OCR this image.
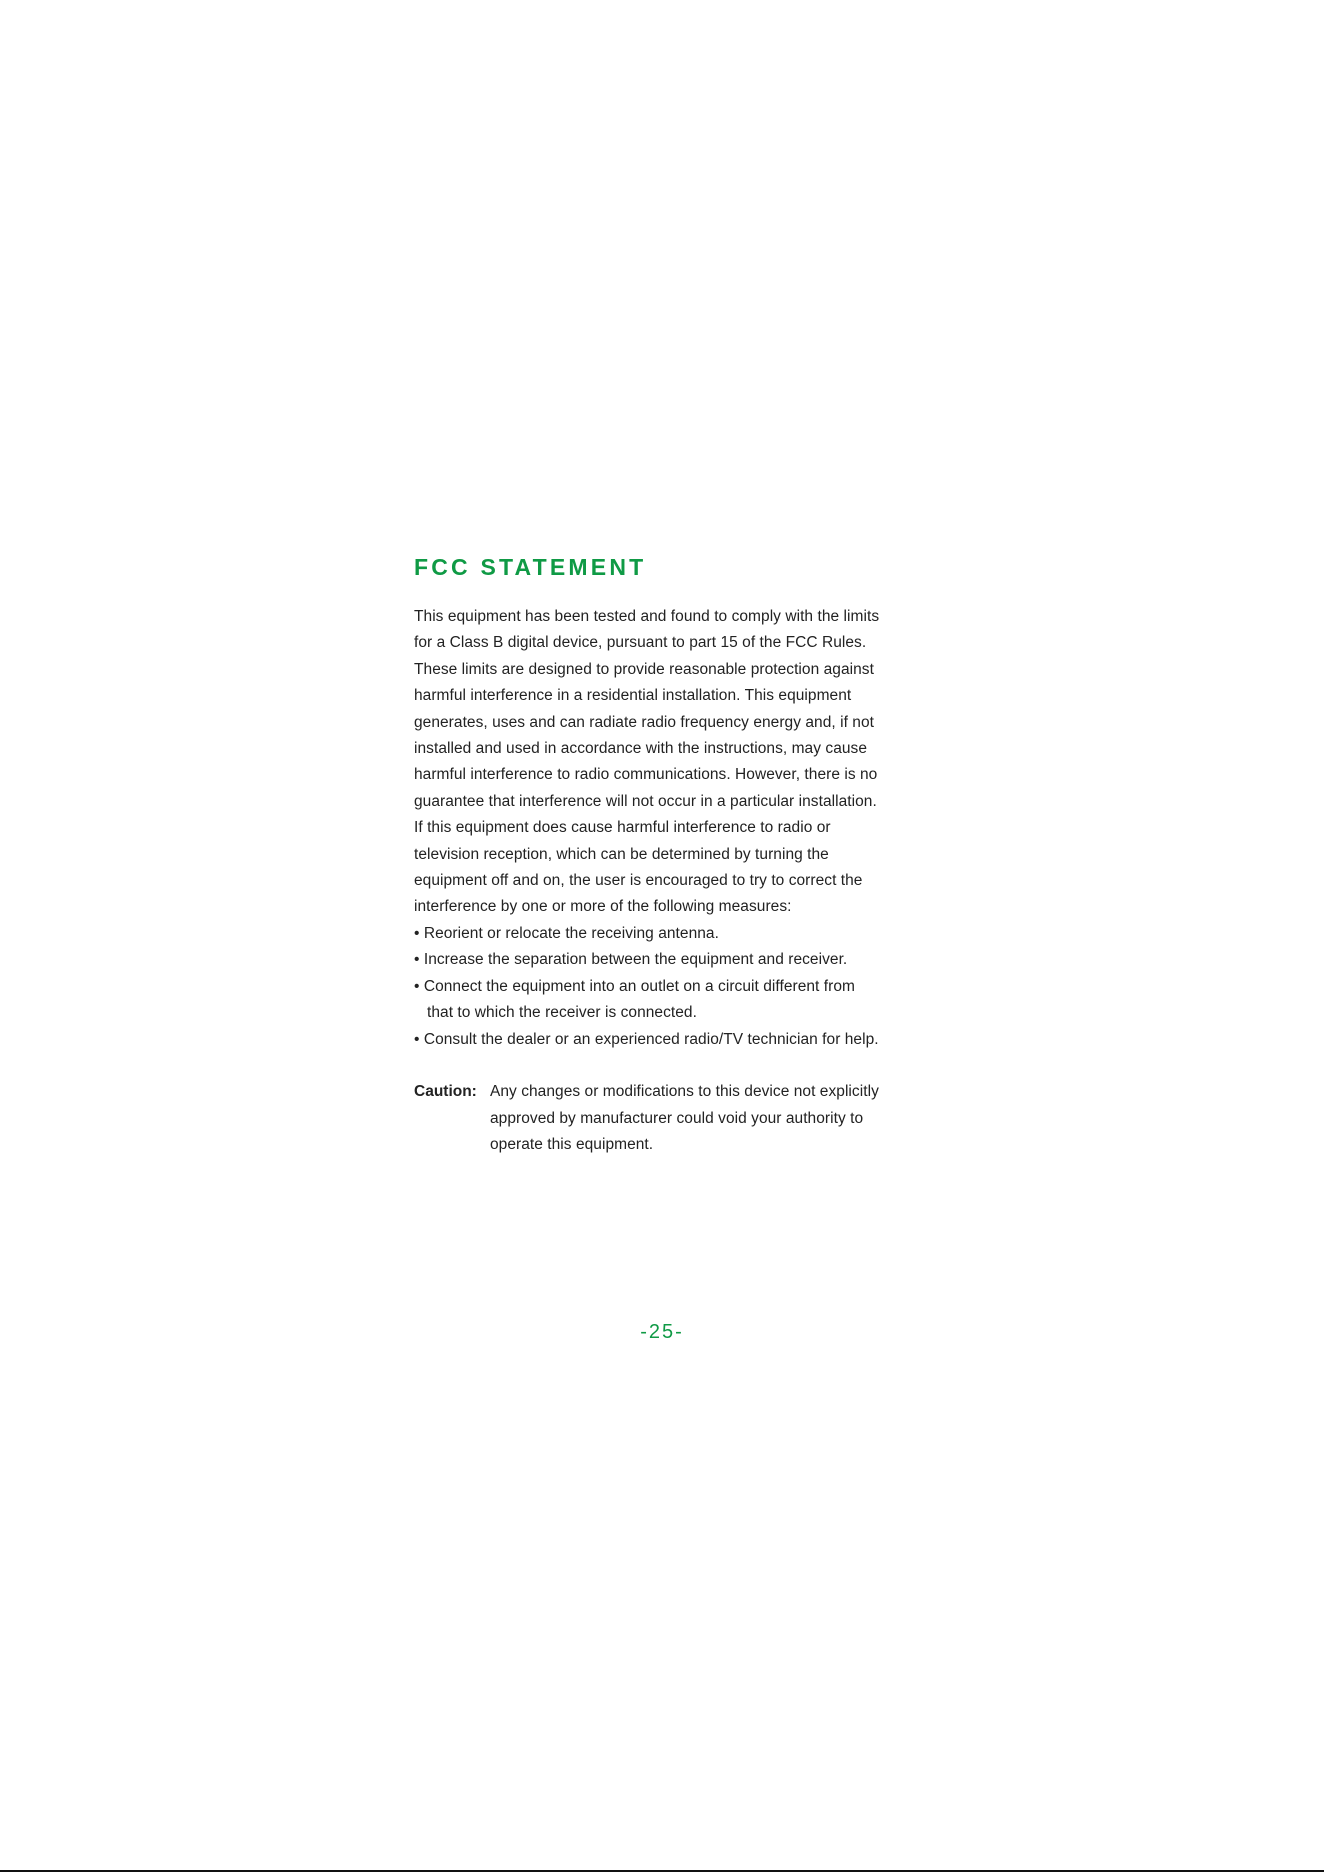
FCC STATEMENT
This equipment has been tested and found to comply with the limits
for a Class B digital device, pursuant to part 15 of the FCC Rules.
These limits are designed to provide reasonable protection against
harmful interference in a residential installation. This equipment
generates, uses and can radiate radio frequency energy and, if not
installed and used in accordance with the instructions, may cause
harmful interference to radio communications. However, there is no
guarantee that interference will not occur in a particular installation.
If this equipment does cause harmful interference to radio or
television reception, which can be determined by turning the
equipment off and on, the user is encouraged to try to correct the
interference by one or more of the following measures:
• Reorient or relocate the receiving antenna.
• Increase the separation between the equipment and receiver.
• Connect the equipment into an outlet on a circuit different from
that to which the receiver is connected.
• Consult the dealer or an experienced radio/TV technician for help.
Caution: Any changes or modifications to this device not explicitly
approved by manufacturer could void your authority to
operate this equipment.
-25-
